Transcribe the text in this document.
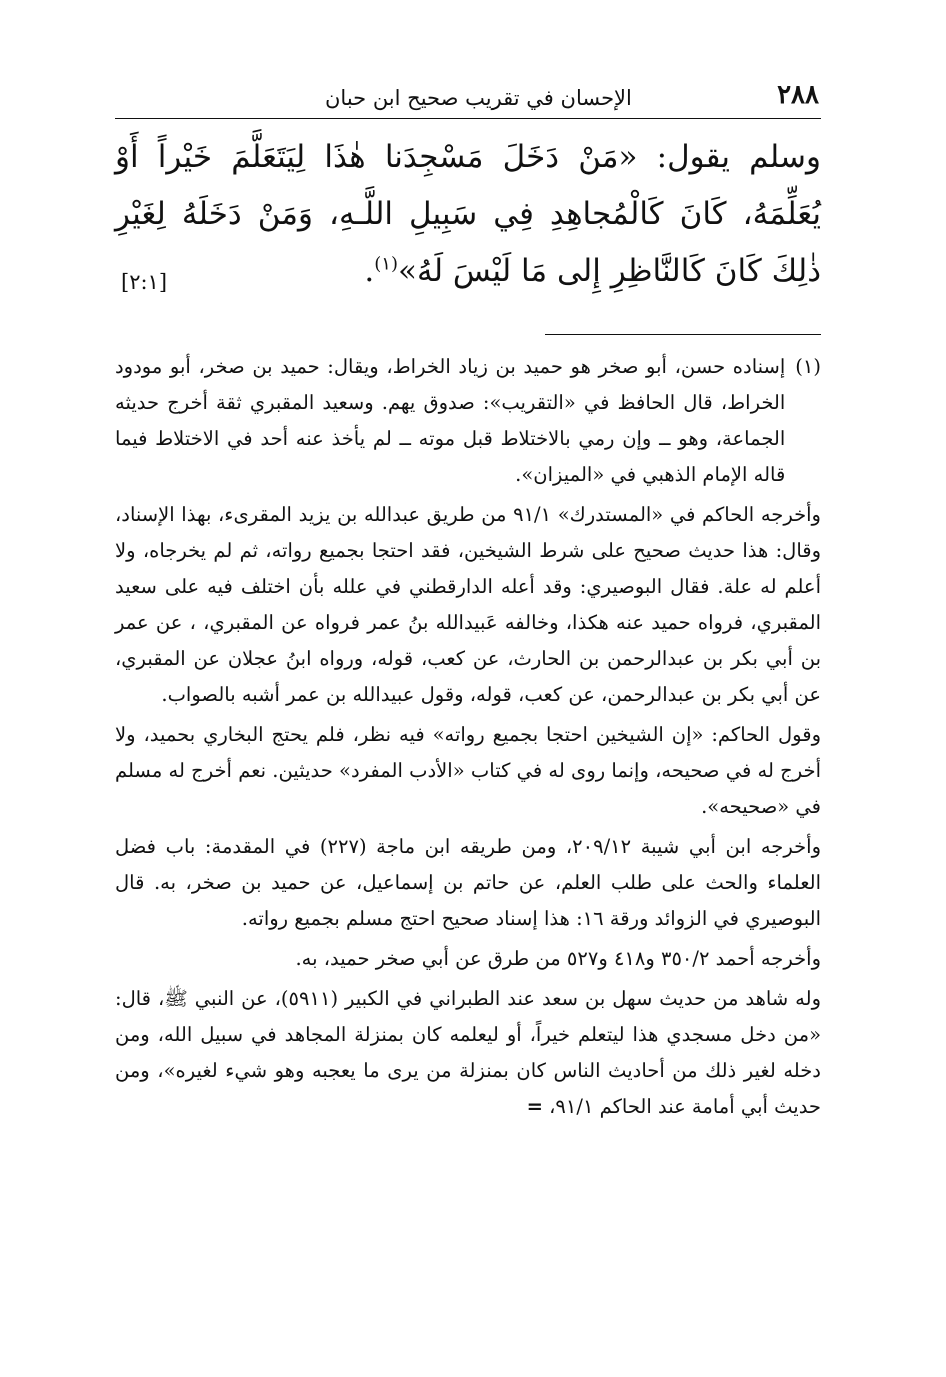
٢٨٨
الإحسان في تقريب صحيح ابن حبان
وسلم يقول: «مَنْ دَخَلَ مَسْجِدَنا هٰذَا لِيَتَعَلَّمَ خَيْراً أَوْ يُعَلِّمَهُ، كَانَ كَالْمُجاهِدِ فِي سَبِيلِ اللَّـهِ، وَمَنْ دَخَلَهُ لِغَيْرِ ذٰلِكَ كَانَ كَالنَّاظِرِ إِلى مَا لَيْسَ لَهُ»$^{(١)}$.
[٢:١]
(١)
إسناده حسن، أبو صخر هو حميد بن زياد الخراط، ويقال: حميد بن صخر، أبو مودود الخراط، قال الحافظ في «التقريب»: صدوق يهم. وسعيد المقبري ثقة أخرج حديثه الجماعة، وهو ــ وإن رمي بالاختلاط قبل موته ــ لم يأخذ عنه أحد في الاختلاط فيما قاله الإمام الذهبي في «الميزان».

وأخرجه الحاكم في «المستدرك» ٩١/١ من طريق عبدالله بن يزيد المقرىء، بهذا الإسناد، وقال: هذا حديث صحيح على شرط الشيخين، فقد احتجا بجميع رواته، ثم لم يخرجاه، ولا أعلم له علة. فقال البوصيري: وقد أعله الدارقطني في علله بأن اختلف فيه على سعيد المقبري، فرواه حميد عنه هكذا، وخالفه عَبيدالله بنُ عمر فرواه عن المقبري، ، عن عمر بن أبي بكر بن عبدالرحمن بن الحارث، عن كعب، قوله، ورواه ابنُ عجلان عن المقبري، عن أبي بكر بن عبدالرحمن، عن كعب، قوله، وقول عبيدالله بن عمر أشبه بالصواب.

وقول الحاكم: «إن الشيخين احتجا بجميع رواته» فيه نظر، فلم يحتج البخاري بحميد، ولا أخرج له في صحيحه، وإنما روى له في كتاب «الأدب المفرد» حديثين. نعم أخرج له مسلم في «صحيحه».

وأخرجه ابن أبي شيبة ٢٠٩/١٢، ومن طريقه ابن ماجة (٢٢٧) في المقدمة: باب فضل العلماء والحث على طلب العلم، عن حاتم بن إسماعيل، عن حميد بن صخر، به. قال البوصيري في الزوائد ورقة ١٦: هذا إسناد صحيح احتج مسلم بجميع رواته.

وأخرجه أحمد ٣٥٠/٢ و٤١٨ و٥٢٧ من طرق عن أبي صخر حميد، به.

وله شاهد من حديث سهل بن سعد عند الطبراني في الكبير (٥٩١١)، عن النبي ﷺ، قال: «من دخل مسجدي هذا ليتعلم خيراً، أو ليعلمه كان بمنزلة المجاهد في سبيل الله، ومن دخله لغير ذلك من أحاديث الناس كان بمنزلة من يرى ما يعجبه وهو شيء لغيره»، ومن حديث أبي أمامة عند الحاكم ٩١/١، =
